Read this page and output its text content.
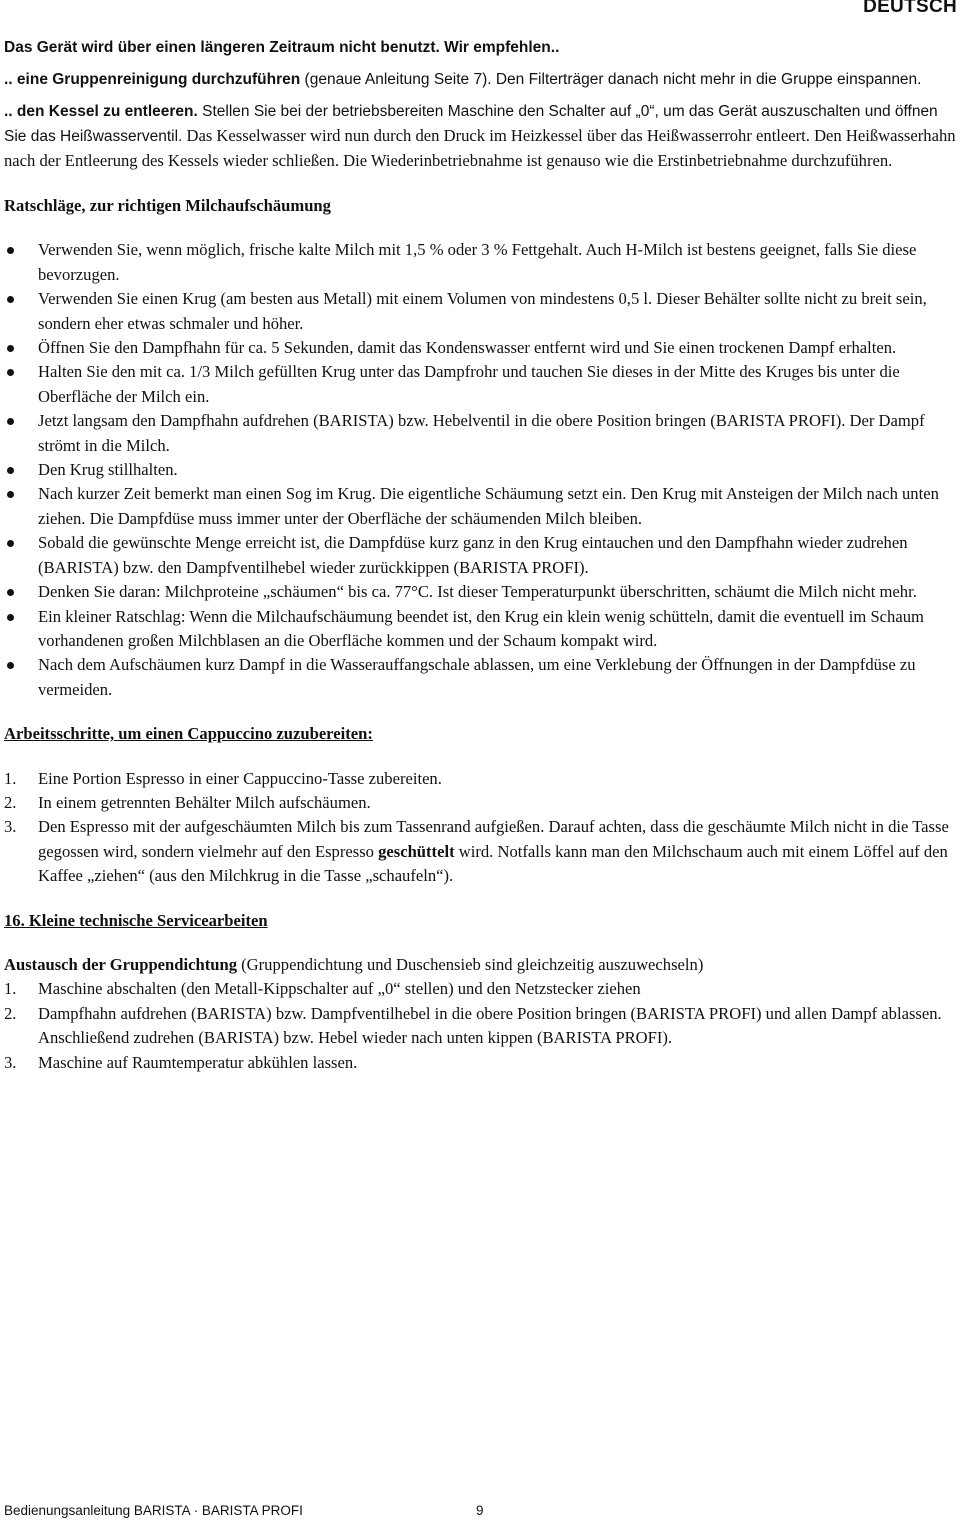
DEUTSCH

Das Gerät wird über einen längeren Zeitraum nicht benutzt. Wir empfehlen..

.. eine Gruppenreinigung durchzuführen (genaue Anleitung Seite 7). Den Filterträger danach nicht mehr in die Gruppe einspannen.

.. den Kessel zu entleeren. Stellen Sie bei der betriebsbereiten Maschine den Schalter auf „0“, um das Gerät auszuschalten und öffnen Sie das Heißwasserventil. Das Kesselwasser wird nun durch den Druck im Heizkessel über das Heißwasserrohr entleert. Den Heißwasserhahn nach der Entleerung des Kessels wieder schließen. Die Wiederinbetriebnahme ist genauso wie die Erstinbetriebnahme durchzuführen.

Ratschläge, zur richtigen Milchaufschäumung

Verwenden Sie, wenn möglich, frische kalte Milch mit 1,5 % oder 3 % Fettgehalt. Auch H-Milch ist bestens geeignet, falls Sie diese bevorzugen.
Verwenden Sie einen Krug (am besten aus Metall) mit einem Volumen von mindestens 0,5 l. Dieser Behälter sollte nicht zu breit sein, sondern eher etwas schmaler und höher.
Öffnen Sie den Dampfhahn für ca. 5 Sekunden, damit das Kondenswasser entfernt wird und Sie einen trockenen Dampf erhalten.
Halten Sie den mit ca. 1/3 Milch gefüllten Krug unter das Dampfrohr und tauchen Sie dieses in der Mitte des Kruges bis unter die Oberfläche der Milch ein.
Jetzt langsam den Dampfhahn aufdrehen (BARISTA) bzw. Hebelventil in die obere Position bringen (BARISTA PROFI). Der Dampf strömt in die Milch.
Den Krug stillhalten.
Nach kurzer Zeit bemerkt man einen Sog im Krug. Die eigentliche Schäumung setzt ein. Den Krug mit Ansteigen der Milch nach unten ziehen. Die Dampfdüse muss immer unter der Oberfläche der schäumenden Milch bleiben.
Sobald die gewünschte Menge erreicht ist, die Dampfdüse kurz ganz in den Krug eintauchen und den Dampfhahn wieder zudrehen (BARISTA) bzw. den Dampfventilhebel wieder zurückkippen (BARISTA PROFI).
Denken Sie daran: Milchproteine „schäumen“ bis ca. 77°C. Ist dieser Temperaturpunkt überschritten, schäumt die Milch nicht mehr.
Ein kleiner Ratschlag: Wenn die Milchaufschäumung beendet ist, den Krug ein klein wenig schütteln, damit die eventuell im Schaum vorhandenen großen Milchblasen an die Oberfläche kommen und der Schaum kompakt wird.
Nach dem Aufschäumen kurz Dampf in die Wasserauffangschale ablassen, um eine Verklebung der Öffnungen in der Dampfdüse zu vermeiden.

Arbeitsschritte, um einen Cappuccino zuzubereiten:

1. Eine Portion Espresso in einer Cappuccino-Tasse zubereiten.
2. In einem getrennten Behälter Milch aufschäumen.
3. Den Espresso mit der aufgeschäumten Milch bis zum Tassenrand aufgießen. Darauf achten, dass die geschäumte Milch nicht in die Tasse gegossen wird, sondern vielmehr auf den Espresso geschüttelt wird. Notfalls kann man den Milchschaum auch mit einem Löffel auf den Kaffee „ziehen“ (aus den Milchkrug in die Tasse „schaufeln“).

16. Kleine technische Servicearbeiten

Austausch der Gruppendichtung (Gruppendichtung und Duschensieb sind gleichzeitig auszuwechseln)

1. Maschine abschalten (den Metall-Kippschalter auf „0“ stellen) und den Netzstecker ziehen
2. Dampfhahn aufdrehen (BARISTA) bzw. Dampfventilhebel in die obere Position bringen (BARISTA PROFI) und allen Dampf ablassen. Anschließend zudrehen (BARISTA) bzw. Hebel wieder nach unten kippen (BARISTA PROFI).
3. Maschine auf Raumtemperatur abkühlen lassen.
Bedienungsanleitung BARISTA · BARISTA PROFI	9
